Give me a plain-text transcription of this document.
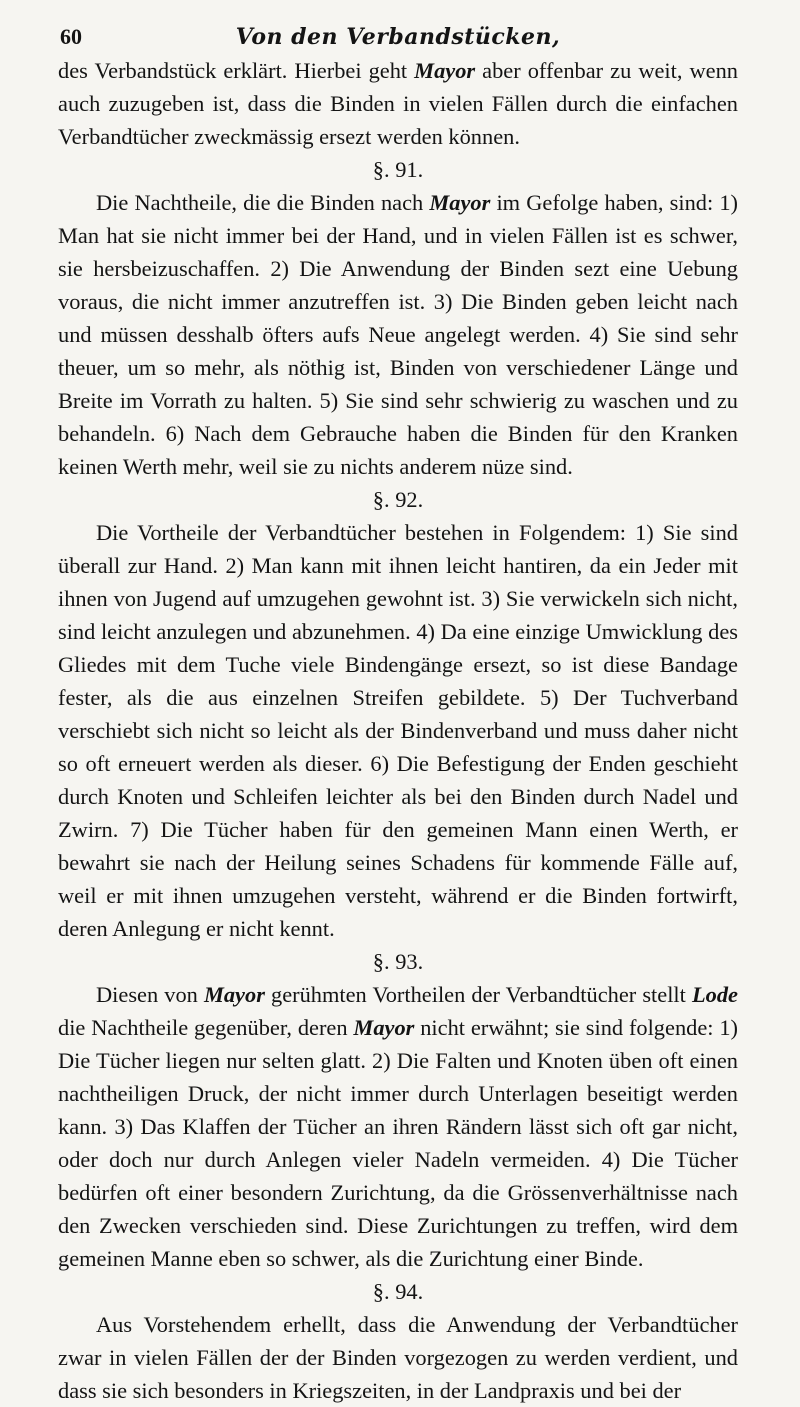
60	Von den Verbandstücken,

des Verbandstück erklärt. Hierbei geht Mayor aber offenbar zu weit, wenn auch zuzugeben ist, dass die Binden in vielen Fällen durch die einfachen Verbandtücher zweckmässig ersezt werden können.

§. 91.

Die Nachtheile, die die Binden nach Mayor im Gefolge haben, sind: 1) Man hat sie nicht immer bei der Hand, und in vielen Fällen ist es schwer, sie hersbeizuschaffen. 2) Die Anwendung der Binden sezt eine Uebung voraus, die nicht immer anzutreffen ist. 3) Die Binden geben leicht nach und müssen desshalb öfters aufs Neue angelegt werden. 4) Sie sind sehr theuer, um so mehr, als nöthig ist, Binden von verschiedener Länge und Breite im Vorrath zu halten. 5) Sie sind sehr schwierig zu waschen und zu behandeln. 6) Nach dem Gebrauche haben die Binden für den Kranken keinen Werth mehr, weil sie zu nichts anderem nüze sind.

§. 92.

Die Vortheile der Verbandtücher bestehen in Folgendem: 1) Sie sind überall zur Hand. 2) Man kann mit ihnen leicht hantiren, da ein Jeder mit ihnen von Jugend auf umzugehen gewohnt ist. 3) Sie verwickeln sich nicht, sind leicht anzulegen und abzunehmen. 4) Da eine einzige Umwicklung des Gliedes mit dem Tuche viele Bindengänge ersezt, so ist diese Bandage fester, als die aus einzelnen Streifen gebildete. 5) Der Tuchverband verschiebt sich nicht so leicht als der Bindenverband und muss daher nicht so oft erneuert werden als dieser. 6) Die Befestigung der Enden geschieht durch Knoten und Schleifen leichter als bei den Binden durch Nadel und Zwirn. 7) Die Tücher haben für den gemeinen Mann einen Werth, er bewahrt sie nach der Heilung seines Schadens für kommende Fälle auf, weil er mit ihnen umzugehen versteht, während er die Binden fortwirft, deren Anlegung er nicht kennt.

§. 93.

Diesen von Mayor gerühmten Vortheilen der Verbandtücher stellt Lode die Nachtheile gegenüber, deren Mayor nicht erwähnt; sie sind folgende: 1) Die Tücher liegen nur selten glatt. 2) Die Falten und Knoten üben oft einen nachtheiligen Druck, der nicht immer durch Unterlagen beseitigt werden kann. 3) Das Klaffen der Tücher an ihren Rändern lässt sich oft gar nicht, oder doch nur durch Anlegen vieler Nadeln vermeiden. 4) Die Tücher bedürfen oft einer besondern Zurichtung, da die Grössenverhältnisse nach den Zwecken verschieden sind. Diese Zurichtungen zu treffen, wird dem gemeinen Manne eben so schwer, als die Zurichtung einer Binde.

§. 94.

Aus Vorstehendem erhellt, dass die Anwendung der Verbandtücher zwar in vielen Fällen der der Binden vorgezogen zu werden verdient, und dass sie sich besonders in Kriegszeiten, in der Landpraxis und bei der
